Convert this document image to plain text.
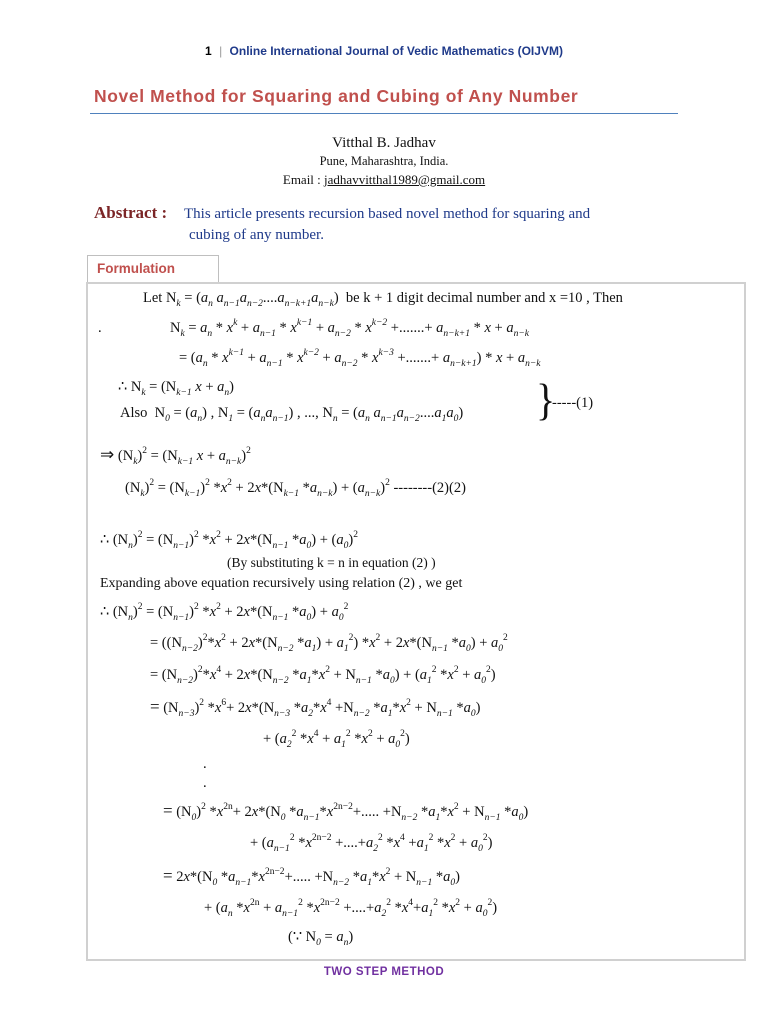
1 | Online International Journal of Vedic Mathematics (OIJVM)
Novel Method for Squaring and Cubing of Any Number
Vitthal B. Jadhav
Pune, Maharashtra, India.
Email : jadhavvitthal1989@gmail.com
Abstract : This article presents recursion based novel method for squaring and
cubing of any number.
Formulation
Let $N_k = (a_n$ $a_{n-1}a_{n-2}....a_{n-k+1}a_{n-k}$)  be k + 1 digit decimal number and x =10 , Then
.	$N_k = a_n * x^k + a_{n-1} * x^{k-1} + a_{n-2} * x^{k-2}$ +.......+ $a_{n-k+1} * x + a_{n-k}$
= ($a_n * x^{k-1} + a_{n-1} * x^{k-2} + a_{n-2} * x^{k-3}$ +.......+ $a_{n-k+1}) * x + a_{n-k}$
∴ $N_k = (N_{k-1}$ $x + a_n$)
Also  $N_0 = (a_n)$ , $N_1 = (a_na_{n-1})$ , ..., $N_n = (a_n$ $a_{n-1}a_{n-2}....a_1a_0$) }
-----(1)
⇒ $(N_k)^2 = (N_{k-1}$ $x + a_{n-k})^2$
$(N_k)^2 = (N_{k-1})^2$ $*x^2 + 2x*(N_{k-1}$ $*a_{n-k}) + (a_{n-k})^2$ --------(2)(2)
∴ $(N_n)^2 = (N_{n-1})^2$ $*x^2 + 2x*(N_{n-1}$ $*a_0) + (a_0)^2$
(By substituting k = n in equation (2) )
Expanding above equation recursively using relation (2) , we get
∴ $(N_n)^2 = (N_{n-1})^2$ $*x^2 + 2x*(N_{n-1}$ $*a_0) + a_0^2$
= ($(N_{n-2})^2*x^2 + 2x*(N_{n-2}$ $*a_1) + a_1^2$) $*x^2 + 2x*(N_{n-1}$ $*a_0) + a_0^2$
= $(N_{n-2})^2*x^4 + 2x*(N_{n-2}$ $*a_1*x^2 + N_{n-1}$ $*a_0) + (a_1^2$ $*x^2 + a_0^2$)
= $(N_{n-3})^2$ $*x^6+ 2x*(N_{n-3}$ $*a_2*x^4 +N_{n-2}$ $*a_1*x^2 + N_{n-1}$ $*a_0$)
+ ($a_2^2$ $*x^4 + a_1^2$ $*x^2 + a_0^2$)
.
.
= $(N_0)^2$ $*x^{2n}+ 2x*(N_0$ $*a_{n-1}*x^{2n-2}+$..... $+N_{n-2}$ $*a_1*x^2 + N_{n-1}$ $*a_0$)
+ ($a_{n-1}^2$ $*x^{2n-2} +....+a_2^2$ $*x^4 +a_1^2$ $*x^2 + a_0^2$)
= $2x*(N_0$ $*a_{n-1}*x^{2n-2}+$..... $+N_{n-2}$ $*a_1*x^2 + N_{n-1}$ $*a_0$)
+ ($a_n$ $*x^{2n} + a_{n-1}^2$ $*x^{2n-2} +....+a_2^2$ $*x^4+a_1^2$ $*x^2 + a_0^2$)
(∵ $N_0 = a_n$)
TWO STEP METHOD
